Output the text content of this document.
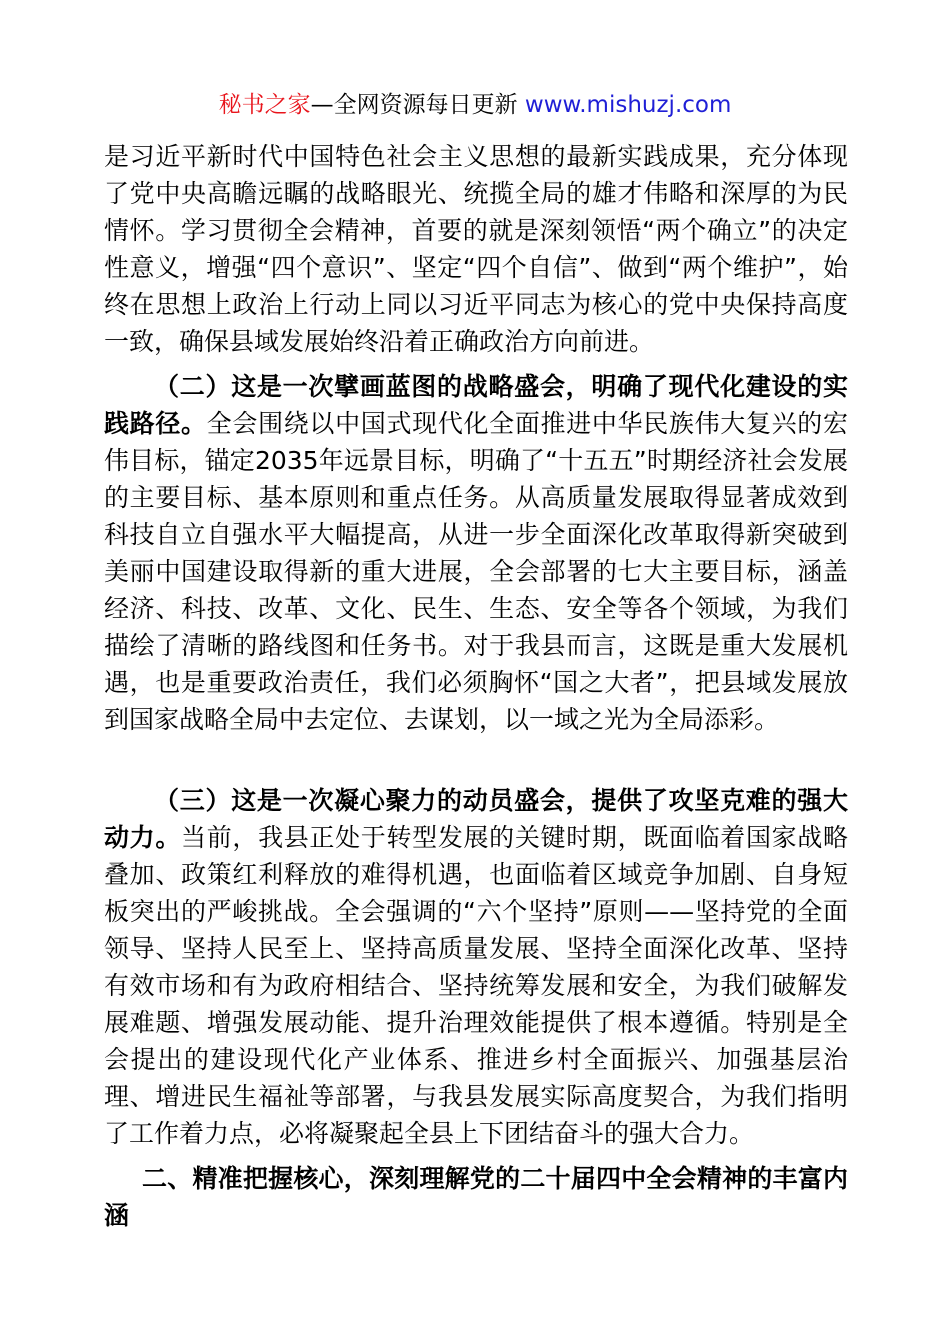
秘书之家—全网资源每日更新 www.mishuzj.com

是习近平新时代中国特色社会主义思想的最新实践成果，充分体现了党中央高瞻远瞩的战略眼光、统揽全局的雄才伟略和深厚的为民情怀。学习贯彻全会精神，首要的就是深刻领悟“两个确立”的决定性意义，增强“四个意识”、坚定“四个自信”、做到“两个维护”，始终在思想上政治上行动上同以习近平同志为核心的党中央保持高度一致，确保县域发展始终沿着正确政治方向前进。

（二）这是一次擘画蓝图的战略盛会，明确了现代化建设的实践路径。全会围绕以中国式现代化全面推进中华民族伟大复兴的宏伟目标，锚定2035年远景目标，明确了“十五五”时期经济社会发展的主要目标、基本原则和重点任务。从高质量发展取得显著成效到科技自立自强水平大幅提高，从进一步全面深化改革取得新突破到美丽中国建设取得新的重大进展，全会部署的七大主要目标，涵盖经济、科技、改革、文化、民生、生态、安全等各个领域，为我们描绘了清晰的路线图和任务书。对于我县而言，这既是重大发展机遇，也是重要政治责任，我们必须胸怀“国之大者”，把县域发展放到国家战略全局中去定位、去谋划，以一域之光为全局添彩。

（三）这是一次凝心聚力的动员盛会，提供了攻坚克难的强大动力。当前，我县正处于转型发展的关键时期，既面临着国家战略叠加、政策红利释放的难得机遇，也面临着区域竞争加剧、自身短板突出的严峻挑战。全会强调的“六个坚持”原则——坚持党的全面领导、坚持人民至上、坚持高质量发展、坚持全面深化改革、坚持有效市场和有为政府相结合、坚持统筹发展和安全，为我们破解发展难题、增强发展动能、提升治理效能提供了根本遵循。特别是全会提出的建设现代化产业体系、推进乡村全面振兴、加强基层治理、增进民生福祉等部署，与我县发展实际高度契合，为我们指明了工作着力点，必将凝聚起全县上下团结奋斗的强大合力。

二、精准把握核心，深刻理解党的二十届四中全会精神的丰富内涵
